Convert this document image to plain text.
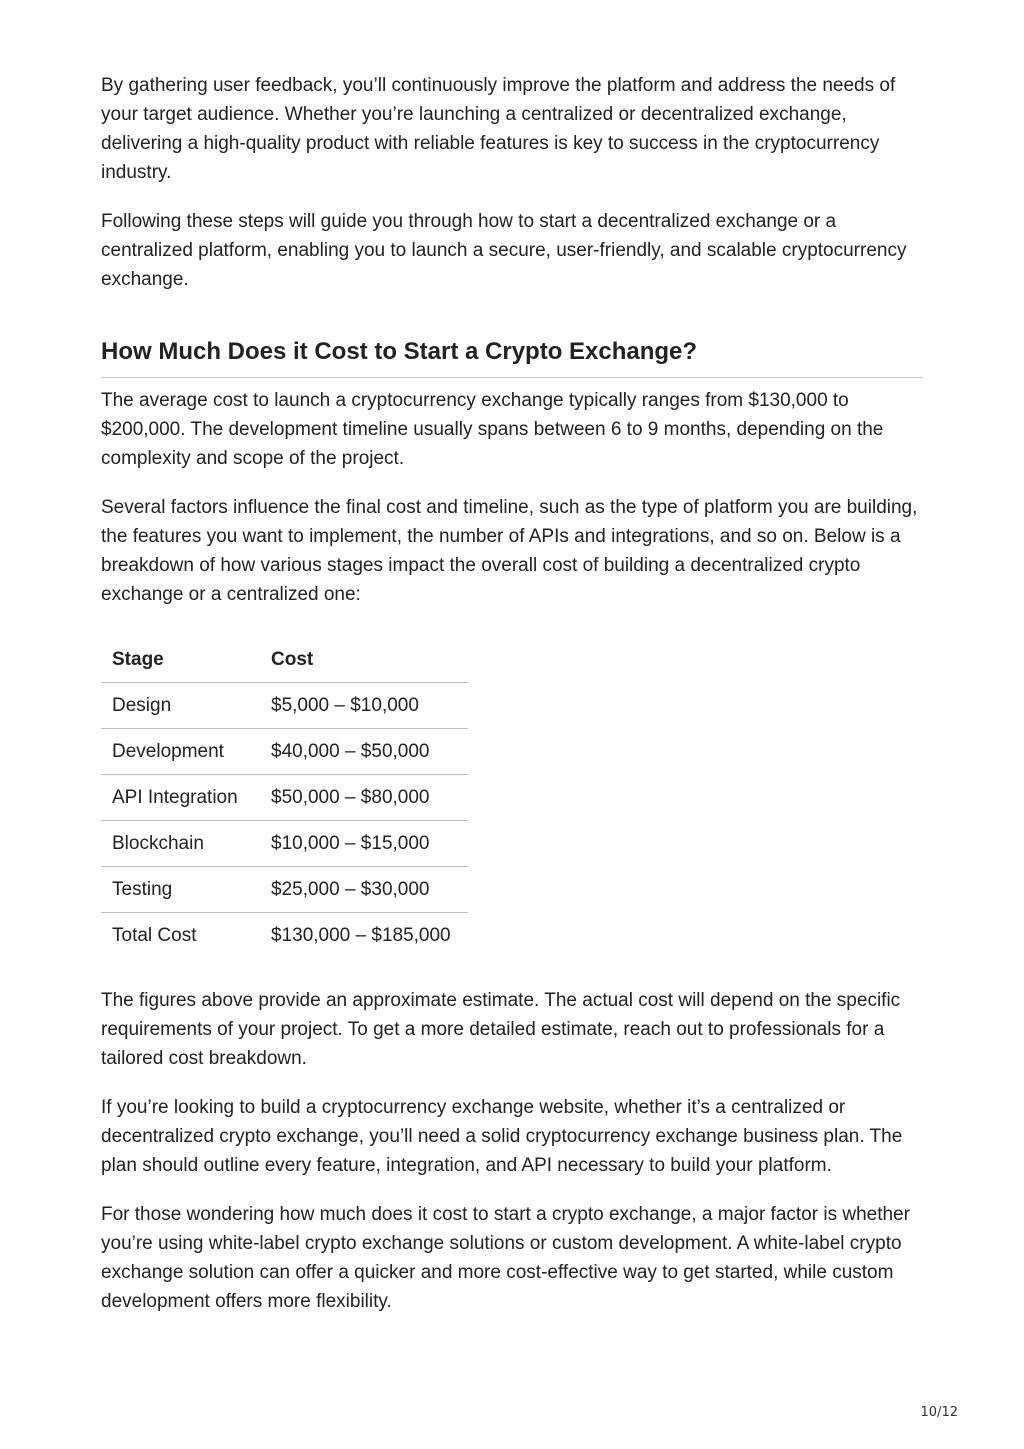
By gathering user feedback, you’ll continuously improve the platform and address the needs of your target audience. Whether you’re launching a centralized or decentralized exchange, delivering a high-quality product with reliable features is key to success in the cryptocurrency industry.

Following these steps will guide you through how to start a decentralized exchange or a centralized platform, enabling you to launch a secure, user-friendly, and scalable cryptocurrency exchange.

How Much Does it Cost to Start a Crypto Exchange?

The average cost to launch a cryptocurrency exchange typically ranges from $130,000 to $200,000. The development timeline usually spans between 6 to 9 months, depending on the complexity and scope of the project.

Several factors influence the final cost and timeline, such as the type of platform you are building, the features you want to implement, the number of APIs and integrations, and so on. Below is a breakdown of how various stages impact the overall cost of building a decentralized crypto exchange or a centralized one:

Stage	Cost
Design	$5,000 – $10,000
Development	$40,000 – $50,000
API Integration	$50,000 – $80,000
Blockchain	$10,000 – $15,000
Testing	$25,000 – $30,000
Total Cost	$130,000 – $185,000

The figures above provide an approximate estimate. The actual cost will depend on the specific requirements of your project. To get a more detailed estimate, reach out to professionals for a tailored cost breakdown.

If you’re looking to build a cryptocurrency exchange website, whether it’s a centralized or decentralized crypto exchange, you’ll need a solid cryptocurrency exchange business plan. The plan should outline every feature, integration, and API necessary to build your platform.

For those wondering how much does it cost to start a crypto exchange, a major factor is whether you’re using white-label crypto exchange solutions or custom development. A white-label crypto exchange solution can offer a quicker and more cost-effective way to get started, while custom development offers more flexibility.

10/12
